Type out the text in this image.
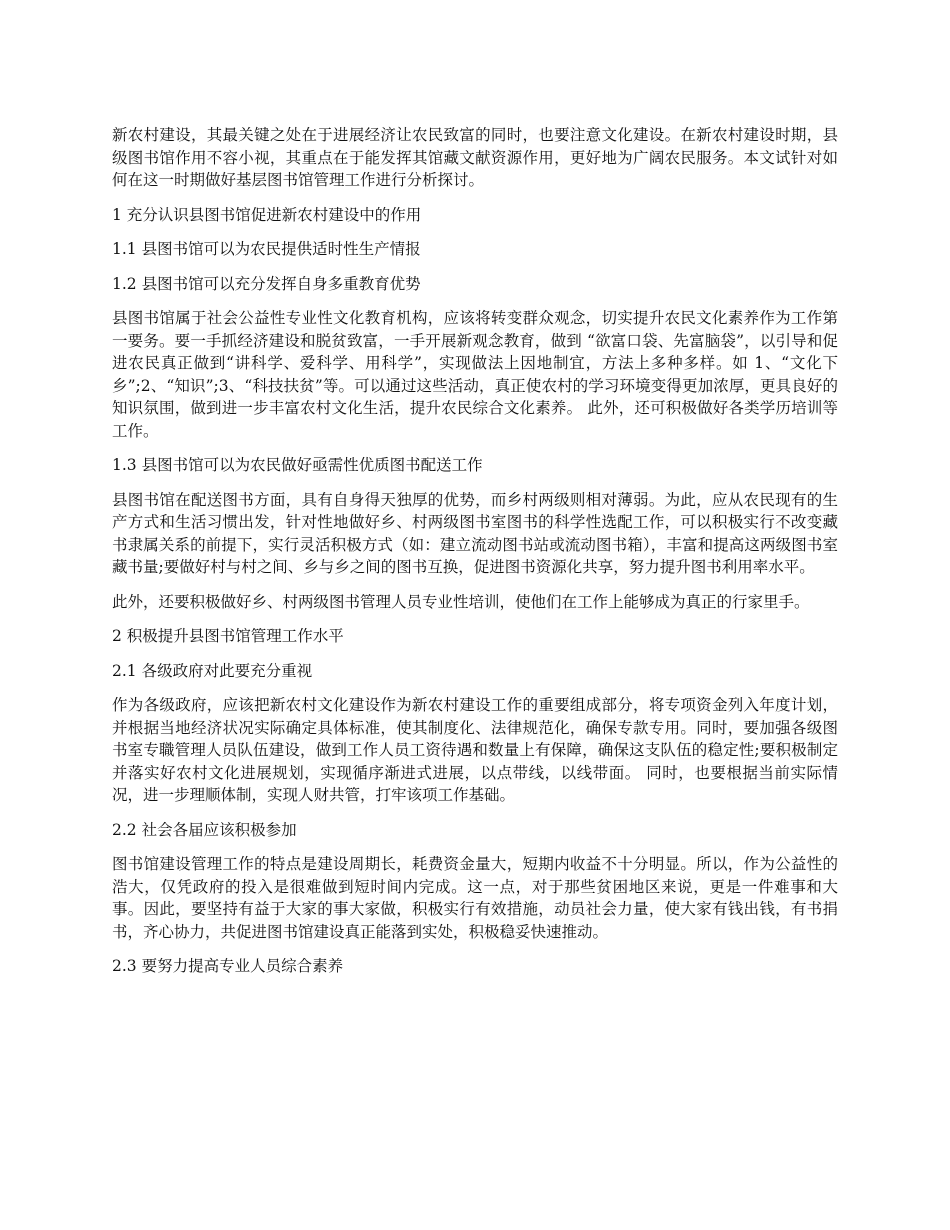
新农村建设，其最关键之处在于进展经济让农民致富的同时，也要注意文化建设。在新农村建设时期，县级图书馆作用不容小视，其重点在于能发挥其馆藏文献资源作用，更好地为广阔农民服务。本文试针对如何在这一时期做好基层图书馆管理工作进行分析探讨。

1 充分认识县图书馆促进新农村建设中的作用

1.1 县图书馆可以为农民提供适时性生产情报

1.2 县图书馆可以充分发挥自身多重教育优势

县图书馆属于社会公益性专业性文化教育机构，应该将转变群众观念，切实提升农民文化素养作为工作第一要务。要一手抓经济建设和脱贫致富，一手开展新观念教育，做到 “欲富口袋、先富脑袋”，以引导和促进农民真正做到“讲科学、爱科学、用科学”，实现做法上因地制宜，方法上多种多样。如 1、“文化下乡”;2、“知识”;3、“科技扶贫”等。可以通过这些活动，真正使农村的学习环境变得更加浓厚，更具良好的知识氛围，做到进一步丰富农村文化生活，提升农民综合文化素养。 此外，还可积极做好各类学历培训等工作。

1.3 县图书馆可以为农民做好亟需性优质图书配送工作

县图书馆在配送图书方面，具有自身得天独厚的优势，而乡村两级则相对薄弱。为此，应从农民现有的生产方式和生活习惯出发，针对性地做好乡、村两级图书室图书的科学性选配工作，可以积极实行不改变藏书隶属关系的前提下，实行灵活积极方式（如：建立流动图书站或流动图书箱），丰富和提高这两级图书室藏书量;要做好村与村之间、乡与乡之间的图书互换，促进图书资源化共享，努力提升图书利用率水平。

此外，还要积极做好乡、村两级图书管理人员专业性培训，使他们在工作上能够成为真正的行家里手。

2 积极提升县图书馆管理工作水平

2.1 各级政府对此要充分重视

作为各级政府，应该把新农村文化建设作为新农村建设工作的重要组成部分，将专项资金列入年度计划，并根据当地经济状况实际确定具体标准，使其制度化、法律规范化，确保专款专用。同时，要加强各级图书室专職管理人员队伍建设，做到工作人员工资待遇和数量上有保障，确保这支队伍的稳定性;要积极制定并落实好农村文化进展规划，实现循序渐进式进展，以点带线，以线带面。 同时，也要根据当前实际情况，进一步理顺体制，实现人财共管，打牢该项工作基础。

2.2 社会各届应该积极参加

图书馆建设管理工作的特点是建设周期长，耗费资金量大，短期内收益不十分明显。所以，作为公益性的浩大，仅凭政府的投入是很难做到短时间内完成。这一点，对于那些贫困地区来说，更是一件难事和大事。因此，要坚持有益于大家的事大家做，积极实行有效措施，动员社会力量，使大家有钱出钱，有书捐书，齐心协力，共促进图书馆建设真正能落到实处，积极稳妥快速推动。

2.3 要努力提高专业人员综合素养
